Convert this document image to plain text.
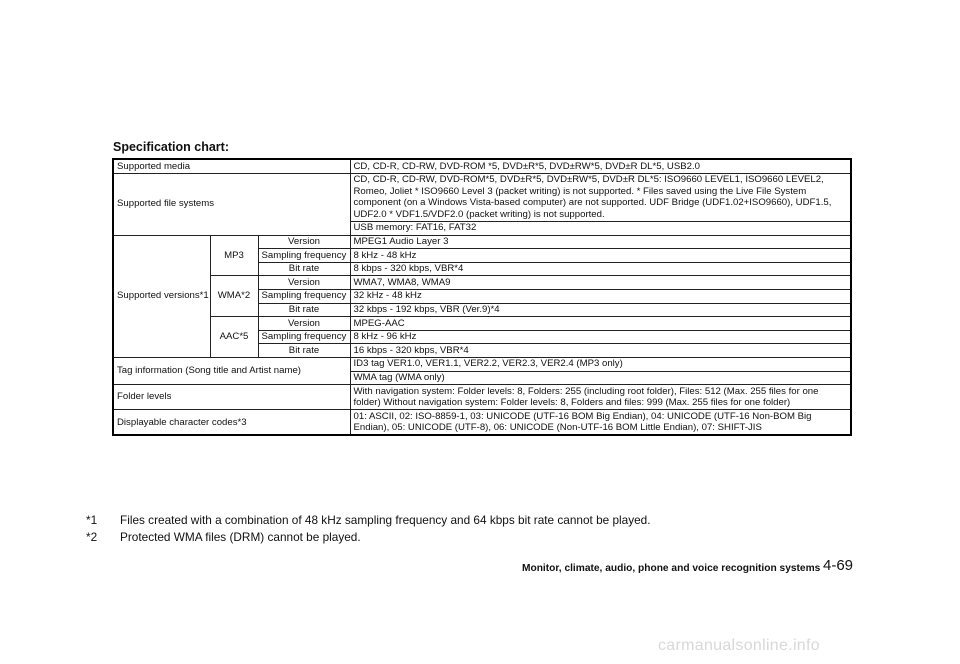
Specification chart:
Supported media			CD, CD-R, CD-RW, DVD-ROM *5, DVD±R*5, DVD±RW*5, DVD±R DL*5, USB2.0
Supported file systems			CD, CD-R, CD-RW, DVD-ROM*5, DVD±R*5, DVD±RW*5, DVD±R DL*5: ISO9660 LEVEL1, ISO9660 LEVEL2, Romeo, Joliet * ISO9660 Level 3 (packet writing) is not supported. * Files saved using the Live File System component (on a Windows Vista-based computer) are not supported. UDF Bridge (UDF1.02+ISO9660), UDF1.5, UDF2.0 * VDF1.5/VDF2.0 (packet writing) is not supported.
			USB memory: FAT16, FAT32
Supported versions*1	MP3	Version	MPEG1 Audio Layer 3
		Sampling frequency	8 kHz - 48 kHz
		Bit rate	8 kbps - 320 kbps, VBR*4
	WMA*2	Version	WMA7, WMA8, WMA9
		Sampling frequency	32 kHz - 48 kHz
		Bit rate	32 kbps - 192 kbps, VBR (Ver.9)*4
	AAC*5	Version	MPEG-AAC
		Sampling frequency	8 kHz - 96 kHz
		Bit rate	16 kbps - 320 kbps, VBR*4
Tag information (Song title and Artist name)			ID3 tag VER1.0, VER1.1, VER2.2, VER2.3, VER2.4 (MP3 only)
			WMA tag (WMA only)
Folder levels			With navigation system: Folder levels: 8, Folders: 255 (including root folder), Files: 512 (Max. 255 files for one folder) Without navigation system: Folder levels: 8, Folders and files: 999 (Max. 255 files for one folder)
Displayable character codes*3			01: ASCII, 02: ISO-8859-1, 03: UNICODE (UTF-16 BOM Big Endian), 04: UNICODE (UTF-16 Non-BOM Big Endian), 05: UNICODE (UTF-8), 06: UNICODE (Non-UTF-16 BOM Little Endian), 07: SHIFT-JIS
*1	Files created with a combination of 48 kHz sampling frequency and 64 kbps bit rate cannot be played.
*2	Protected WMA files (DRM) cannot be played.
Monitor, climate, audio, phone and voice recognition systems 4-69
carmanualsonline.info
